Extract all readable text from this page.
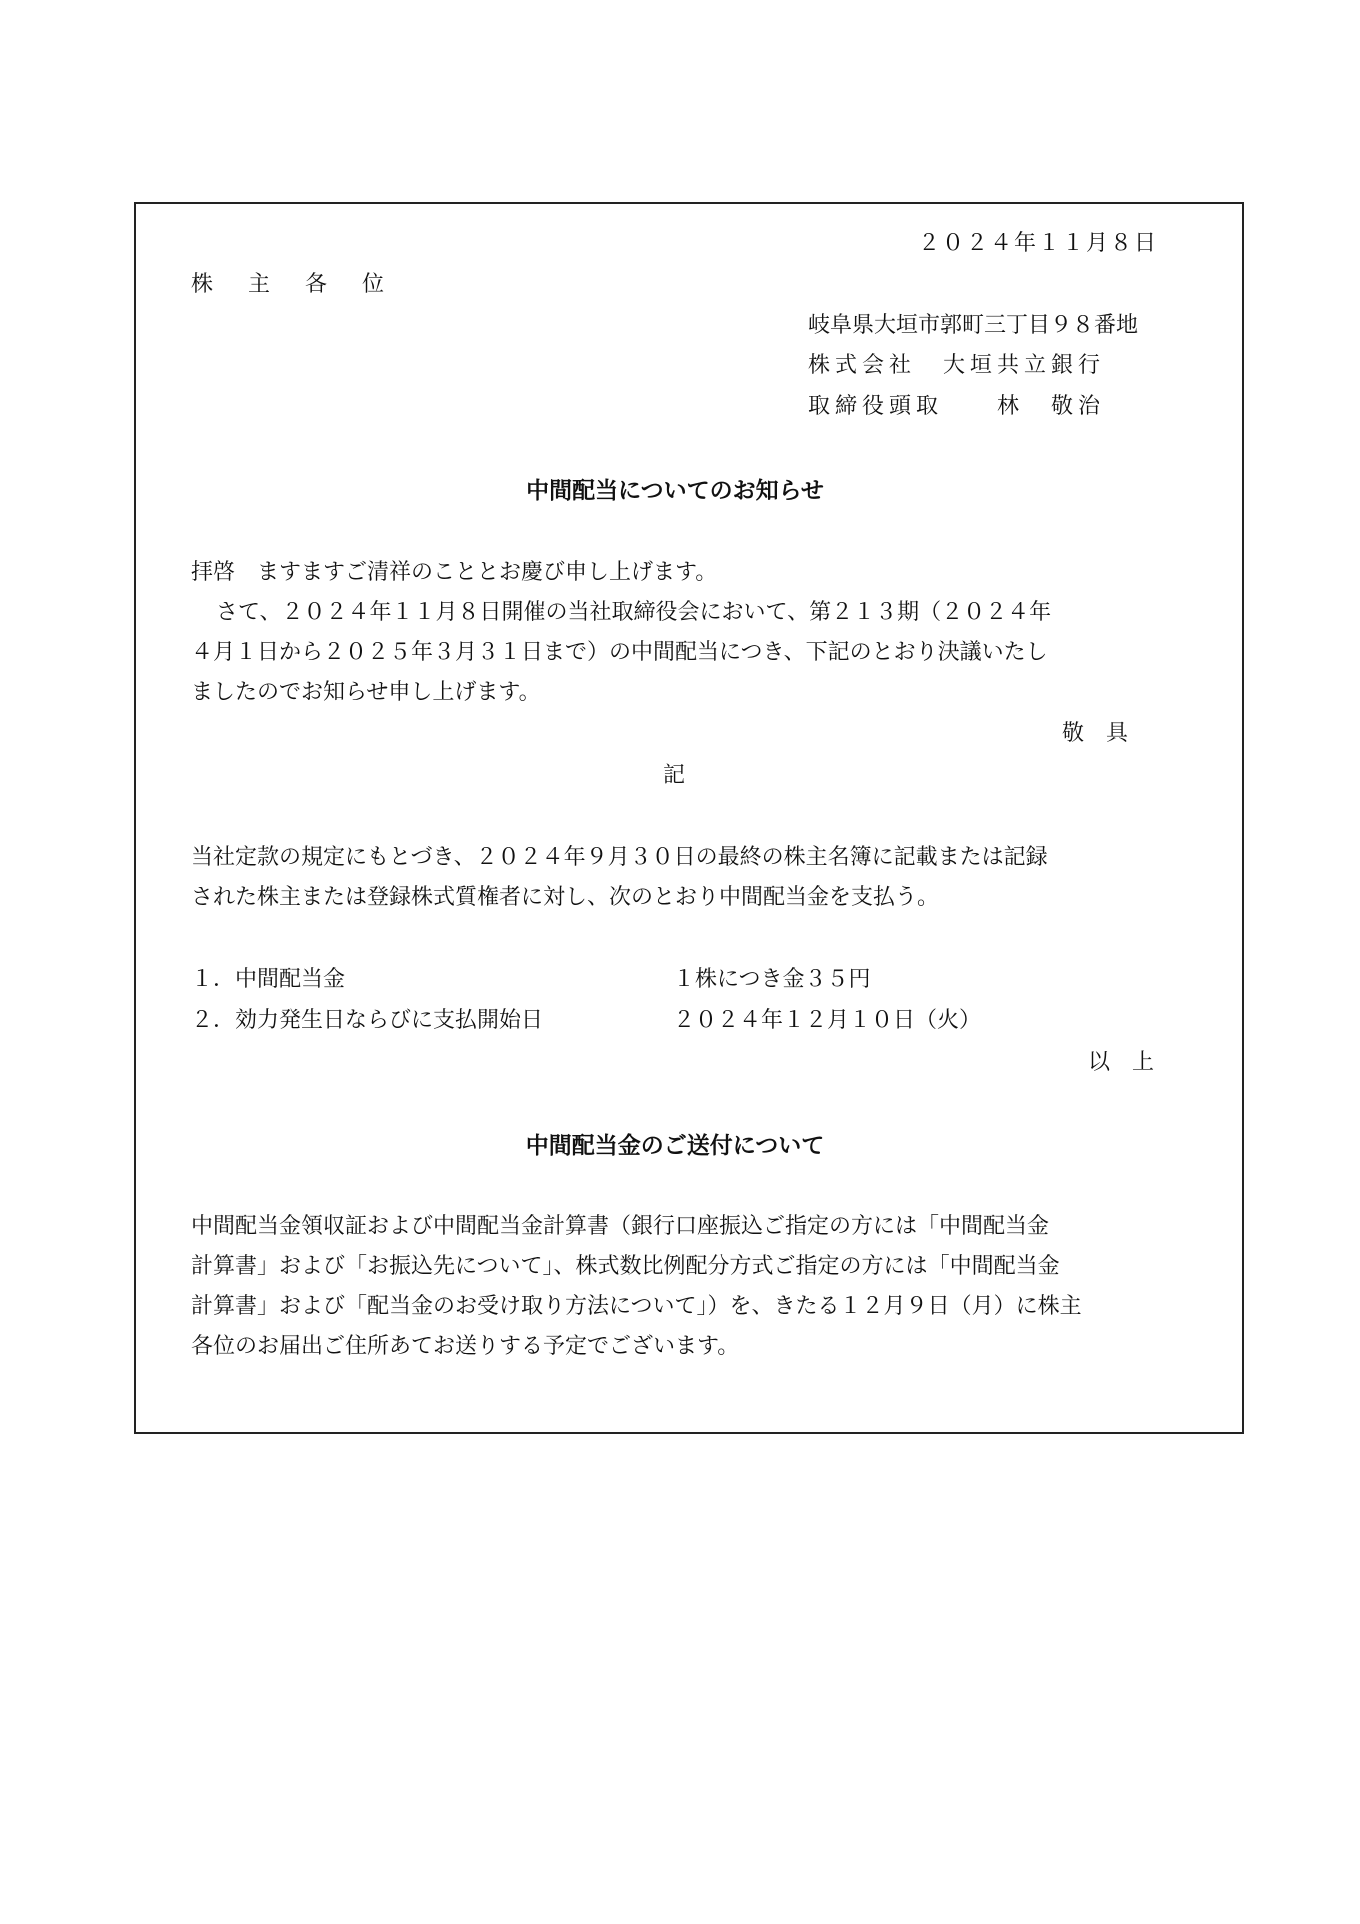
２０２４年１１月８日
株 主 各 位
岐阜県大垣市郭町三丁目９８番地
株式会社　大垣共立銀行
取締役頭取　　林　敬治
中間配当についてのお知らせ
拝啓　ますますご清祥のこととお慶び申し上げます。
さて、２０２４年１１月８日開催の当社取締役会において、第２１３期（２０２４年
４月１日から２０２５年３月３１日まで）の中間配当につき、下記のとおり決議いたし
ましたのでお知らせ申し上げます。
敬　具
記
当社定款の規定にもとづき、２０２４年９月３０日の最終の株主名簿に記載または記録
された株主または登録株式質権者に対し、次のとおり中間配当金を支払う。
１．中間配当金	１株につき金３５円
２．効力発生日ならびに支払開始日	２０２４年１２月１０日（火）
以　上
中間配当金のご送付について
中間配当金領収証および中間配当金計算書（銀行口座振込ご指定の方には「中間配当金
計算書」および「お振込先について」、株式数比例配分方式ご指定の方には「中間配当金
計算書」および「配当金のお受け取り方法について」）を、きたる１２月９日（月）に株主
各位のお届出ご住所あてお送りする予定でございます。
